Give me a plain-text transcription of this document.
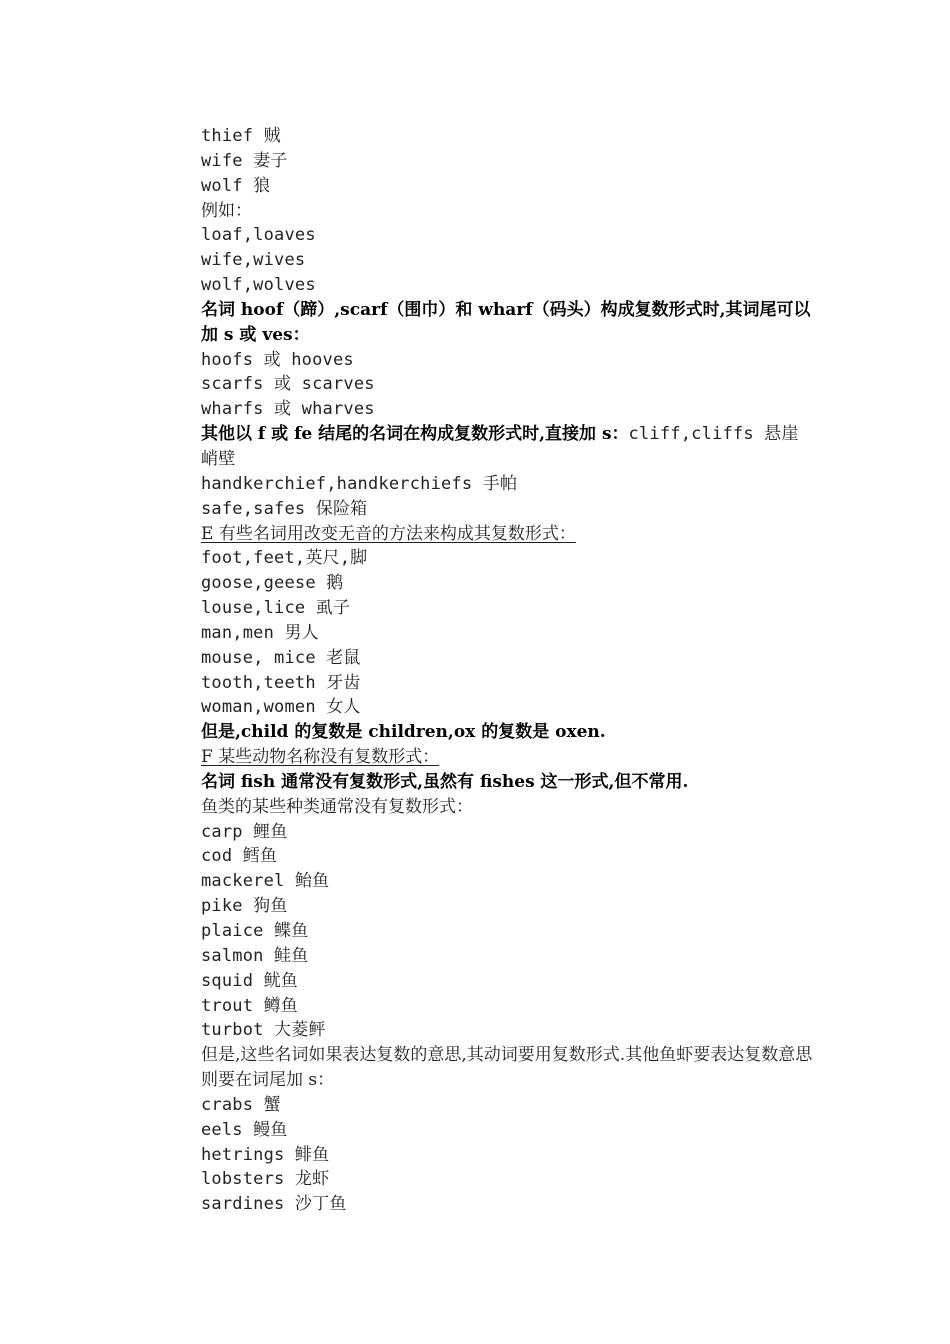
thief 贼

wife 妻子

wolf 狼

例如：

loaf,loaves

wife,wives

wolf,wolves

名词 hoof（蹄）,scarf（围巾）和 wharf（码头）构成复数形式时,其词尾可以加 s 或 ves：

hoofs 或 hooves

scarfs 或 scarves

wharfs 或 wharves

其他以 f 或 fe 结尾的名词在构成复数形式时,直接加 s：cliff,cliffs 悬崖峭壁

handkerchief,handkerchiefs 手帕

safe,safes 保险箱

E 有些名词用改变无音的方法来构成其复数形式：

foot,feet,英尺,脚

goose,geese 鹅

louse,lice 虱子

man,men 男人

mouse, mice 老鼠

tooth,teeth 牙齿

woman,women 女人

但是,child 的复数是 children,ox 的复数是 oxen.

F 某些动物名称没有复数形式：

名词 fish 通常没有复数形式,虽然有 fishes 这一形式,但不常用.

鱼类的某些种类通常没有复数形式：

carp 鲤鱼

cod 鳕鱼

mackerel 鲐鱼

pike 狗鱼

plaice 鲽鱼

salmon 鲑鱼

squid 鱿鱼

trout 鳟鱼

turbot 大菱鲆

但是,这些名词如果表达复数的意思,其动词要用复数形式.其他鱼虾要表达复数意思则要在词尾加 s：

crabs 蟹

eels 鳗鱼

hetrings 鲱鱼

lobsters 龙虾

sardines 沙丁鱼
